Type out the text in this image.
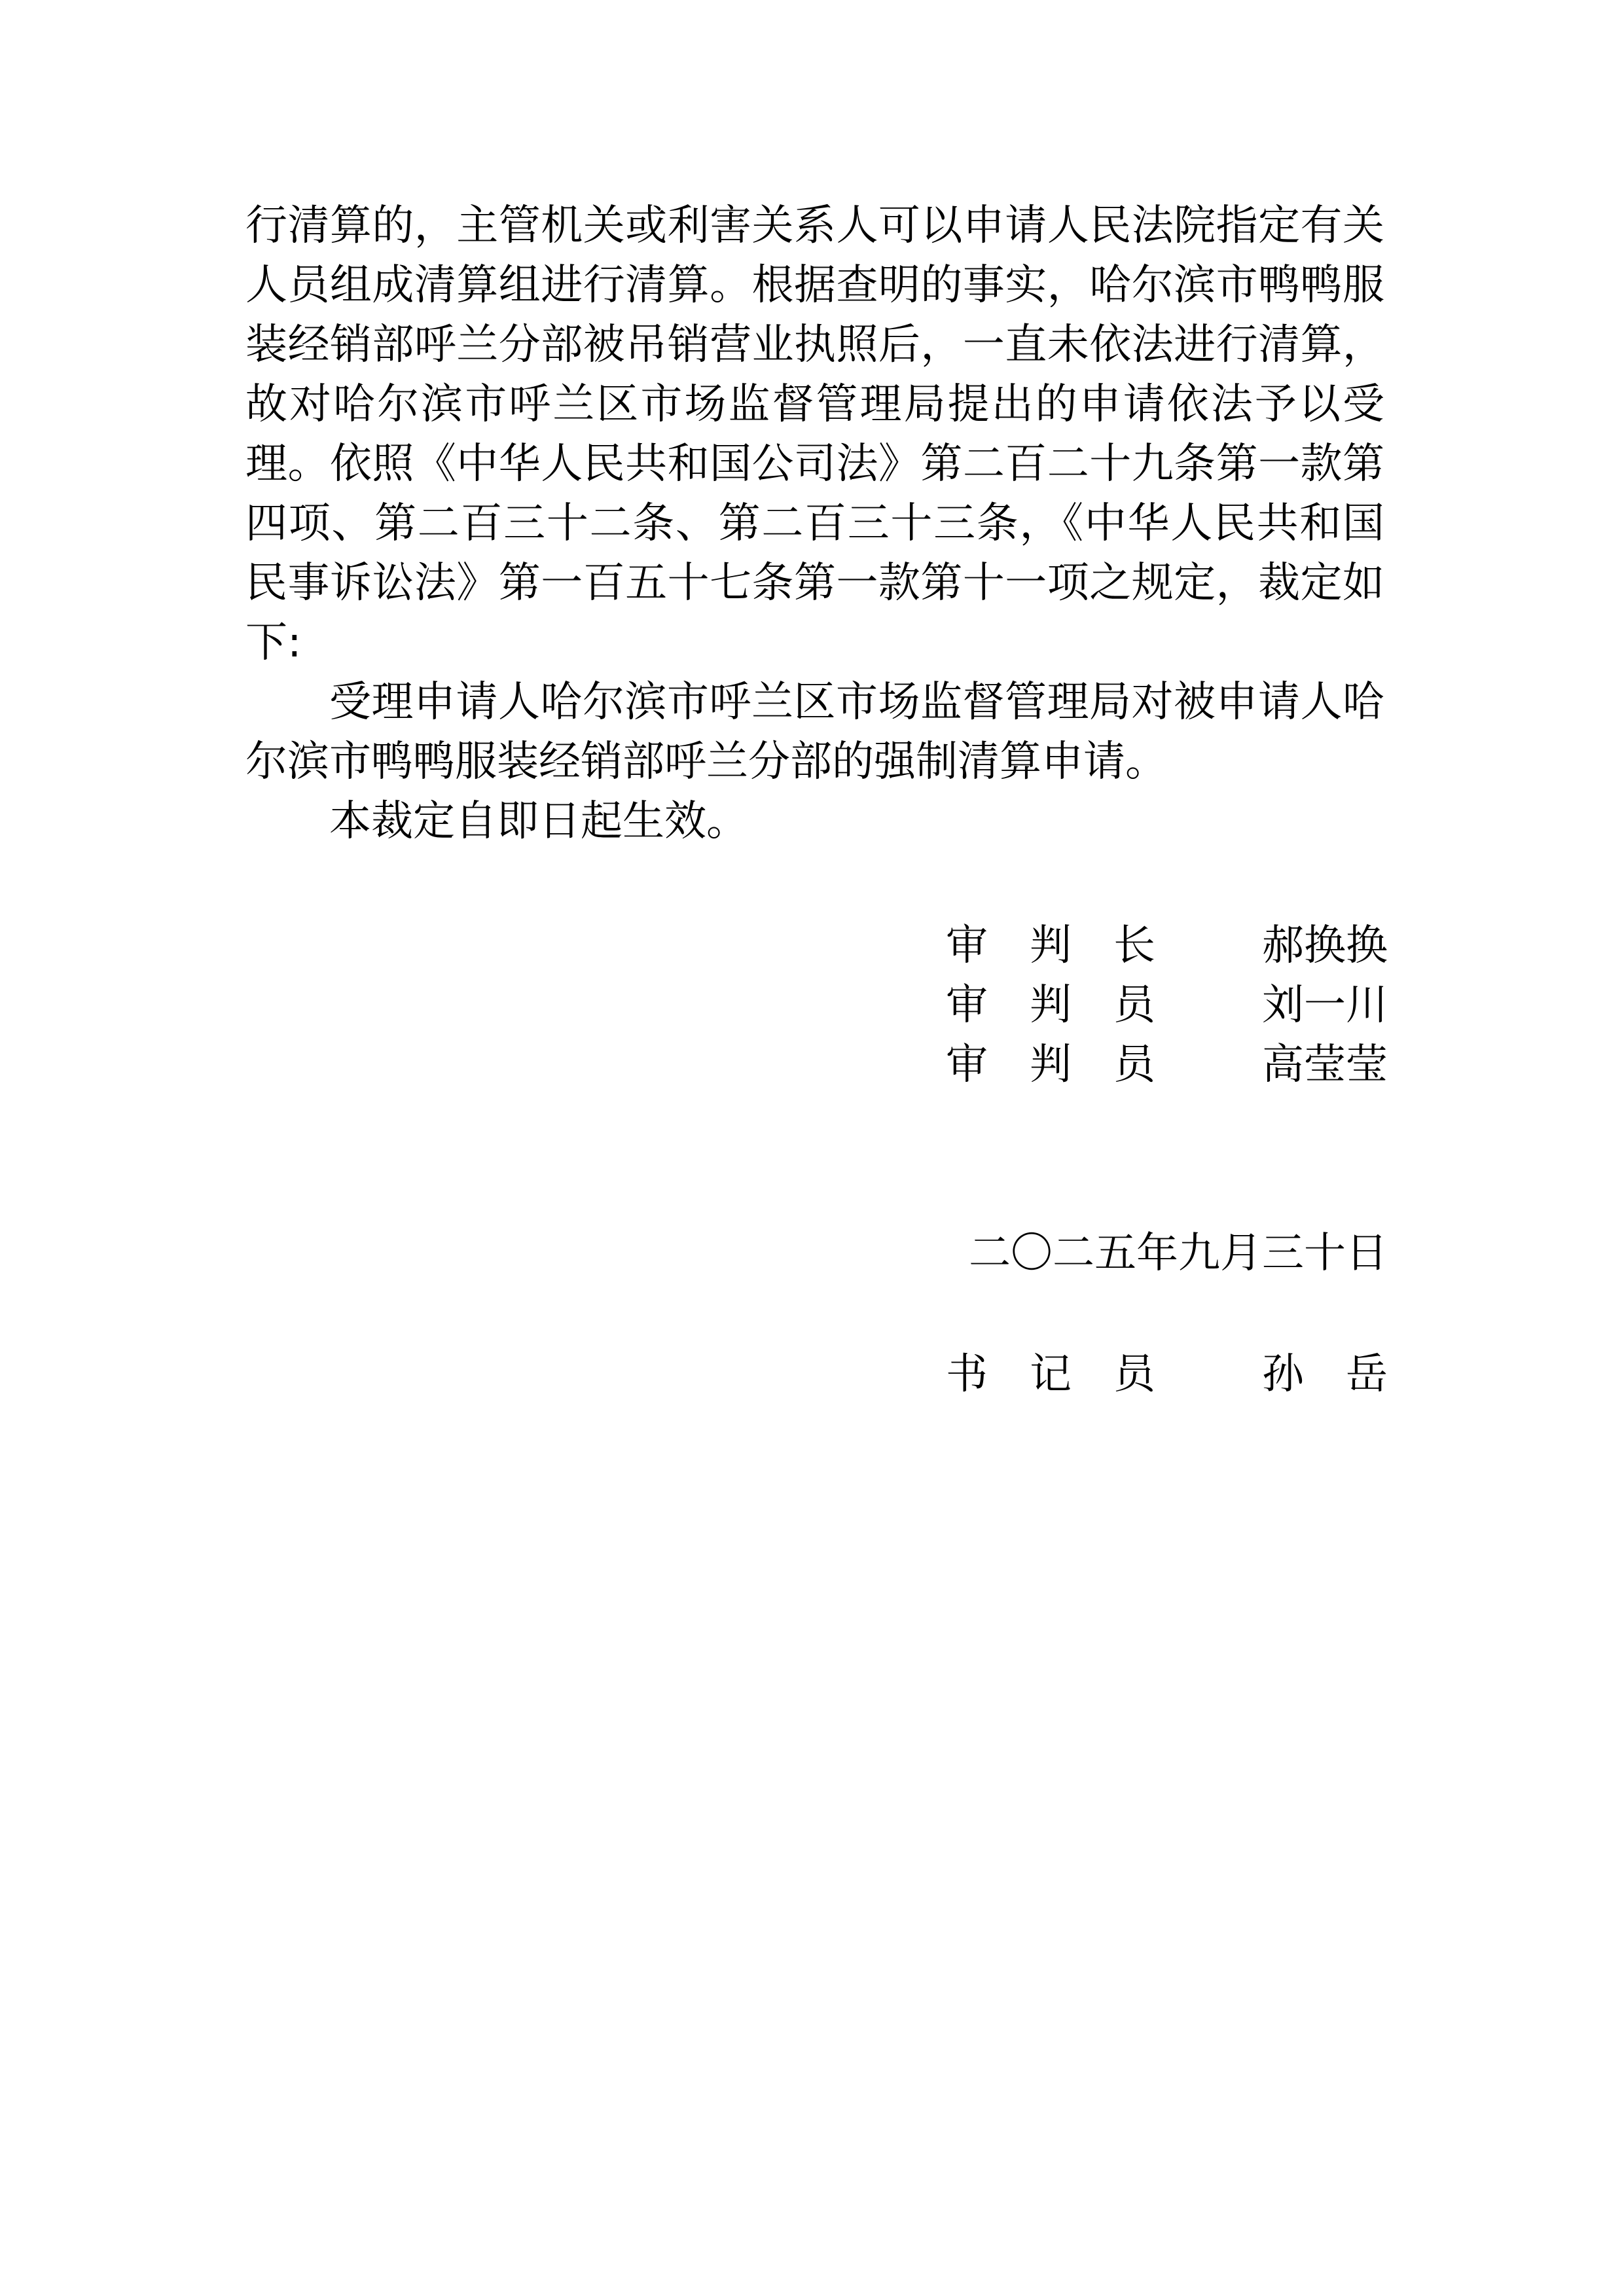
行清算的，主管机关或利害关系人可以申请人民法院指定有关人员组成清算组进行清算。根据查明的事实，哈尔滨市鸭鸭服装经销部呼兰分部被吊销营业执照后，一直未依法进行清算，故对哈尔滨市呼兰区市场监督管理局提出的申请依法予以受理。依照《中华人民共和国公司法》第二百二十九条第一款第四项、第二百三十二条、第二百三十三条，《中华人民共和国民事诉讼法》第一百五十七条第一款第十一项之规定，裁定如下:

受理申请人哈尔滨市呼兰区市场监督管理局对被申请人哈尔滨市鸭鸭服装经销部呼兰分部的强制清算申请。

本裁定自即日起生效。

审判长 郝换换
审判员 刘一川
审判员 高莹莹
二〇二五年九月三十日
书记员 孙岳
